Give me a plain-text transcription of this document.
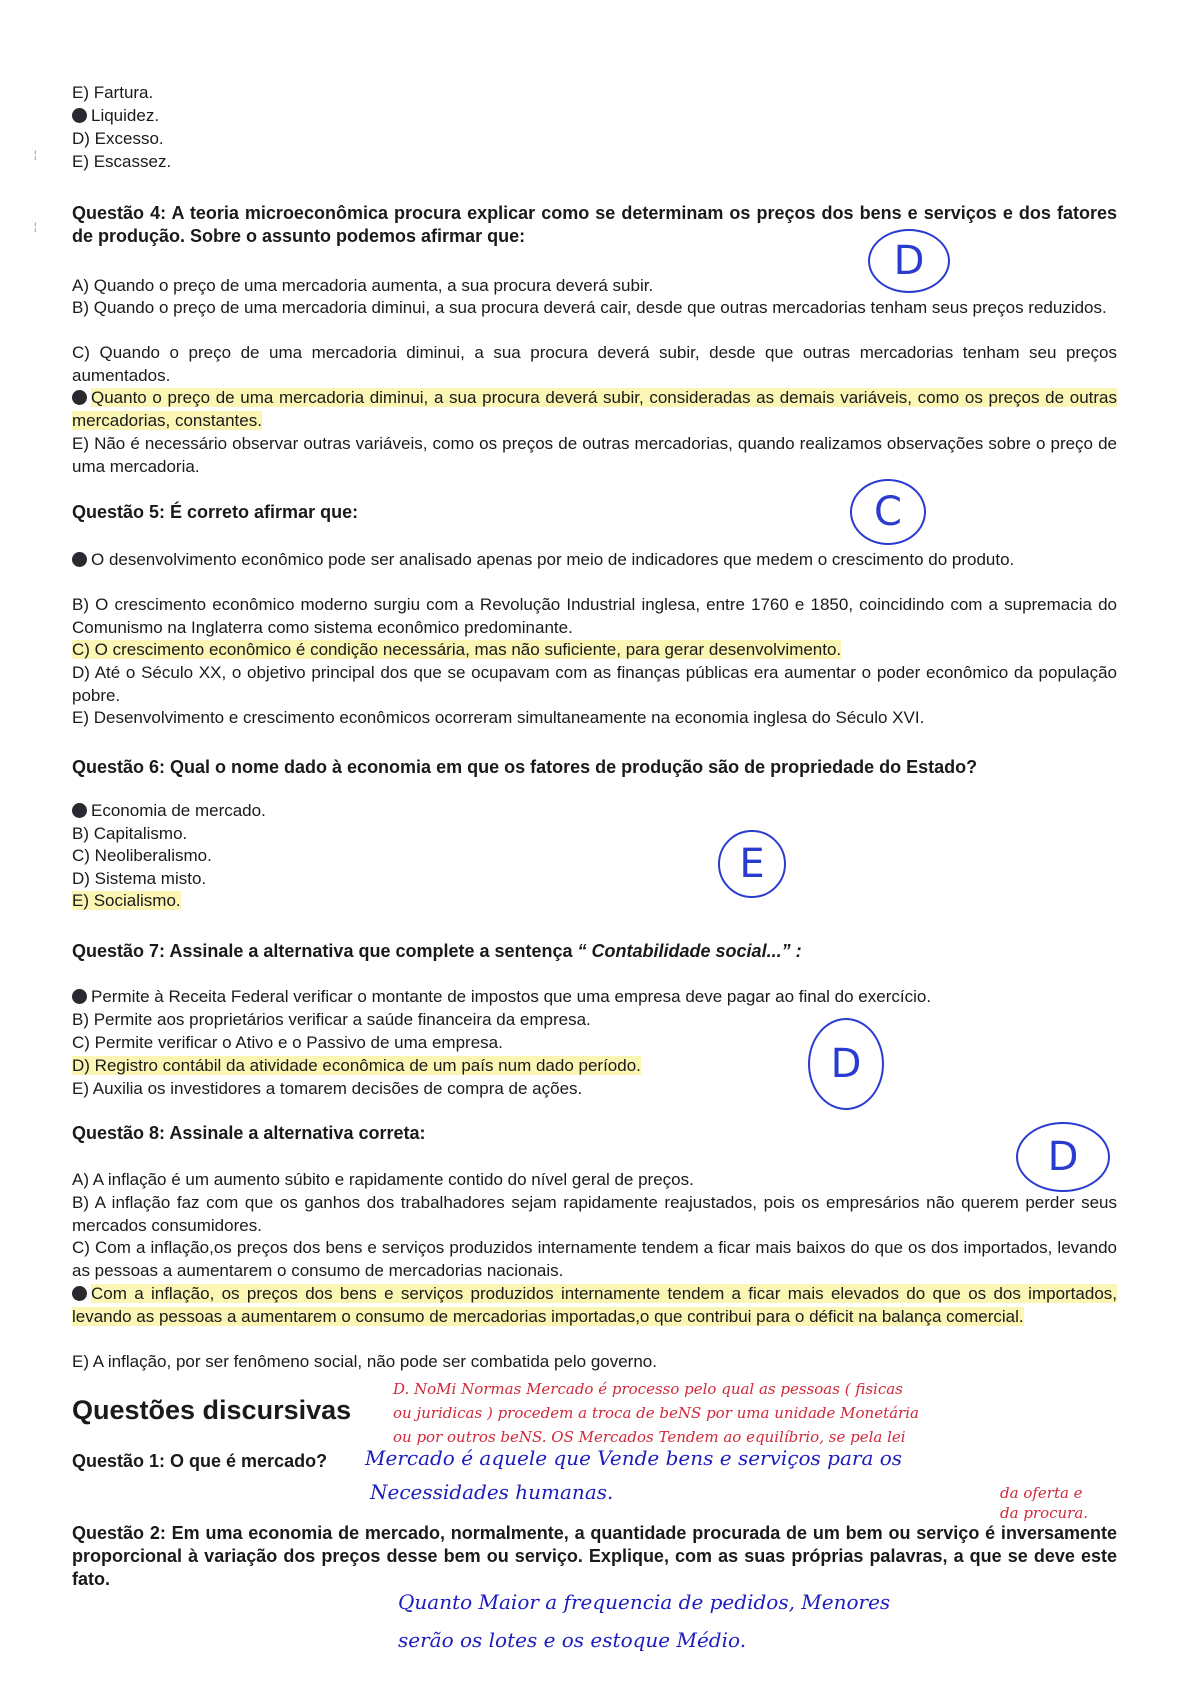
¦
¦
E) Fartura.
Liquidez.
D) Excesso.
E) Escassez.
Questão 4: A teoria microeconômica procura explicar como se determinam os preços dos bens e serviços e dos fatores de produção. Sobre o assunto podemos afirmar que:
D
A) Quando o preço de uma mercadoria aumenta, a sua procura deverá subir.
B) Quando o preço de uma mercadoria diminui, a sua procura deverá cair, desde que outras mercadorias tenham seus preços reduzidos.
C) Quando o preço de uma mercadoria diminui, a sua procura deverá subir, desde que outras mercadorias tenham seu preços aumentados.
Quanto o preço de uma mercadoria diminui, a sua procura deverá subir, consideradas as demais variáveis, como os preços de outras mercadorias, constantes.
E) Não é necessário observar outras variáveis, como os preços de outras mercadorias, quando realizamos observações sobre o preço de uma mercadoria.
Questão 5: É correto afirmar que:	C
O desenvolvimento econômico pode ser analisado apenas por meio de indicadores que medem o crescimento do produto.
B) O crescimento econômico moderno surgiu com a Revolução Industrial inglesa, entre 1760 e 1850, coincidindo com a supremacia do Comunismo na Inglaterra como sistema econômico predominante.
C) O crescimento econômico é condição necessária, mas não suficiente, para gerar desenvolvimento.
D) Até o Século XX, o objetivo principal dos que se ocupavam com as finanças públicas era aumentar o poder econômico da população pobre.
E) Desenvolvimento e crescimento econômicos ocorreram simultaneamente na economia inglesa do Século XVI.
Questão 6: Qual o nome dado à economia em que os fatores de produção são de propriedade do Estado?
Economia de mercado.
B) Capitalismo.
C) Neoliberalismo.
D) Sistema misto.
E) Socialismo.
E
Questão 7: Assinale a alternativa que complete a sentença “ Contabilidade social...” :
Permite à Receita Federal verificar o montante de impostos que uma empresa deve pagar ao final do exercício.
B) Permite aos proprietários verificar a saúde financeira da empresa.
C) Permite verificar o Ativo e o Passivo de uma empresa.
D) Registro contábil da atividade econômica de um país num dado período.
E) Auxilia os investidores a tomarem decisões de compra de ações.
D
Questão 8: Assinale a alternativa correta:
D
A) A inflação é um aumento súbito e rapidamente contido do nível geral de preços.
B) A inflação faz com que os ganhos dos trabalhadores sejam rapidamente reajustados, pois os empresários não querem perder seus mercados consumidores.
C) Com a inflação,os preços dos bens e serviços produzidos internamente tendem a ficar mais baixos do que os dos importados, levando as pessoas a aumentarem o consumo de mercadorias nacionais.
Com a inflação, os preços dos bens e serviços produzidos internamente tendem a ficar mais elevados do que os dos importados, levando as pessoas a aumentarem o consumo de mercadorias importadas,o que contribui para o déficit na balança comercial.
E) A inflação, por ser fenômeno social, não pode ser combatida pelo governo.
Questões discursivas
D. NoMi Normas Mercado é processo pelo qual as pessoas ( fisicas
ou juridicas ) procedem a troca de beNS por uma unidade Monetária
ou por outros beNS. OS Mercados Tendem ao equilíbrio, se pela lei
da oferta e
da procura.
Questão 1: O que é mercado? Mercado é aquele que Vende bens e serviços para os
Necessidades humanas.
Questão 2: Em uma economia de mercado, normalmente, a quantidade procurada de um bem ou serviço é inversamente proporcional à variação dos preços desse bem ou serviço. Explique, com as suas próprias palavras, a que se deve este fato.
Quanto Maior a frequencia de pedidos, Menores
serão os lotes e os estoque Médio.
